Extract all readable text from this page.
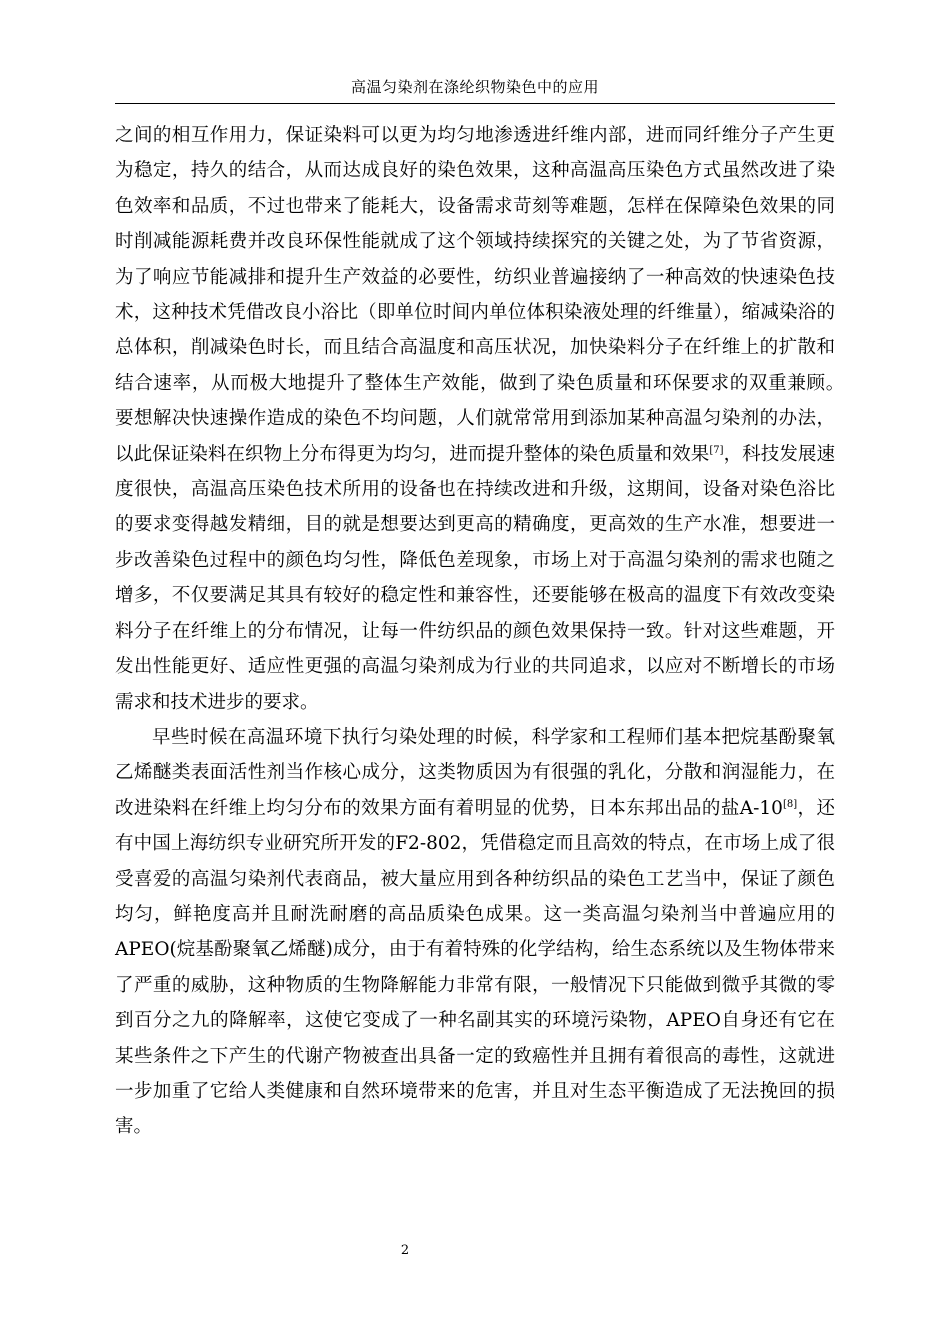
高温匀染剂在涤纶织物染色中的应用

之间的相互作用力，保证染料可以更为均匀地渗透进纤维内部，进而同纤维分子产生更为稳定，持久的结合，从而达成良好的染色效果，这种高温高压染色方式虽然改进了染色效率和品质，不过也带来了能耗大，设备需求苛刻等难题，怎样在保障染色效果的同时削减能源耗费并改良环保性能就成了这个领域持续探究的关键之处，为了节省资源，为了响应节能减排和提升生产效益的必要性，纺织业普遍接纳了一种高效的快速染色技术，这种技术凭借改良小浴比（即单位时间内单位体积染液处理的纤维量），缩减染浴的总体积，削减染色时长，而且结合高温度和高压状况，加快染料分子在纤维上的扩散和结合速率，从而极大地提升了整体生产效能，做到了染色质量和环保要求的双重兼顾。　要想解决快速操作造成的染色不均问题，人们就常常用到添加某种高温匀染剂的办法，以此保证染料在织物上分布得更为均匀，进而提升整体的染色质量和效果[7]，科技发展速度很快，高温高压染色技术所用的设备也在持续改进和升级，这期间，设备对染色浴比的要求变得越发精细，目的就是想要达到更高的精确度，更高效的生产水准，想要进一步改善染色过程中的颜色均匀性，降低色差现象，市场上对于高温匀染剂的需求也随之增多，不仅要满足其具有较好的稳定性和兼容性，还要能够在极高的温度下有效改变染料分子在纤维上的分布情况，让每一件纺织品的颜色效果保持一致。针对这些难题，开发出性能更好、适应性更强的高温匀染剂成为行业的共同追求，以应对不断增长的市场需求和技术进步的要求。

早些时候在高温环境下执行匀染处理的时候，科学家和工程师们基本把烷基酚聚氧乙烯醚类表面活性剂当作核心成分，这类物质因为有很强的乳化，分散和润湿能力，在改进染料在纤维上均匀分布的效果方面有着明显的优势，日本东邦出品的盐A-10[8]，还有中国上海纺织专业研究所开发的F2-802，凭借稳定而且高效的特点，在市场上成了很受喜爱的高温匀染剂代表商品，被大量应用到各种纺织品的染色工艺当中，保证了颜色均匀，鲜艳度高并且耐洗耐磨的高品质染色成果。这一类高温匀染剂当中普遍应用的APEO(烷基酚聚氧乙烯醚)成分，由于有着特殊的化学结构，给生态系统以及生物体带来了严重的威胁，这种物质的生物降解能力非常有限，一般情况下只能做到微乎其微的零到百分之九的降解率，这使它变成了一种名副其实的环境污染物，APEO自身还有它在某些条件之下产生的代谢产物被查出具备一定的致癌性并且拥有着很高的毒性，这就进一步加重了它给人类健康和自然环境带来的危害，并且对生态平衡造成了无法挽回的损害。

2
